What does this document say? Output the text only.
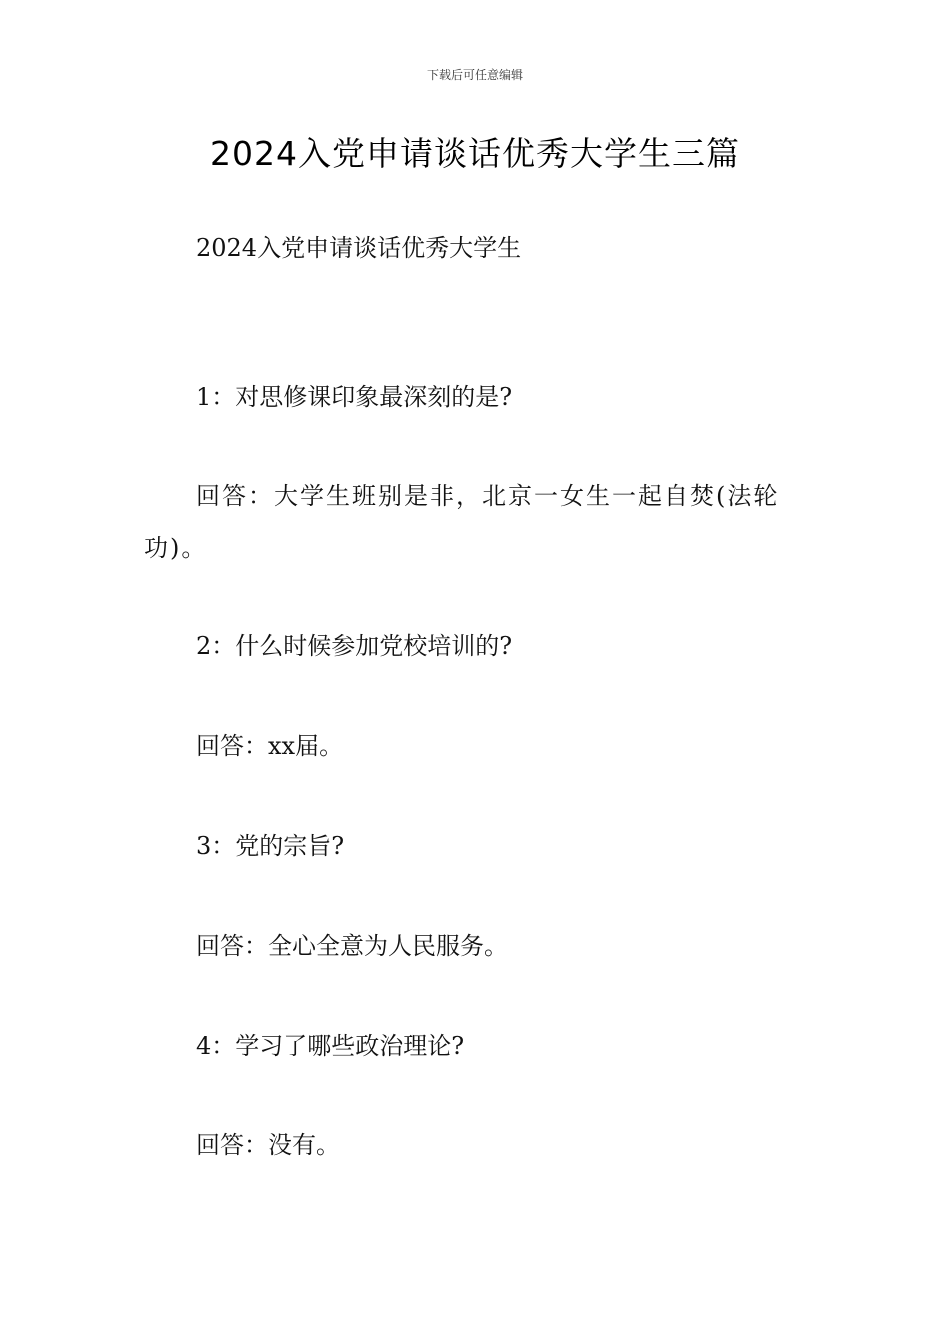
下载后可任意编辑
2024入党申请谈话优秀大学生三篇

2024入党申请谈话优秀大学生

1：对思修课印象最深刻的是?

回答：大学生班别是非，北京一女生一起自焚(法轮功)。

2：什么时候参加党校培训的?

回答：xx届。

3：党的宗旨?

回答：全心全意为人民服务。

4：学习了哪些政治理论?

回答：没有。
